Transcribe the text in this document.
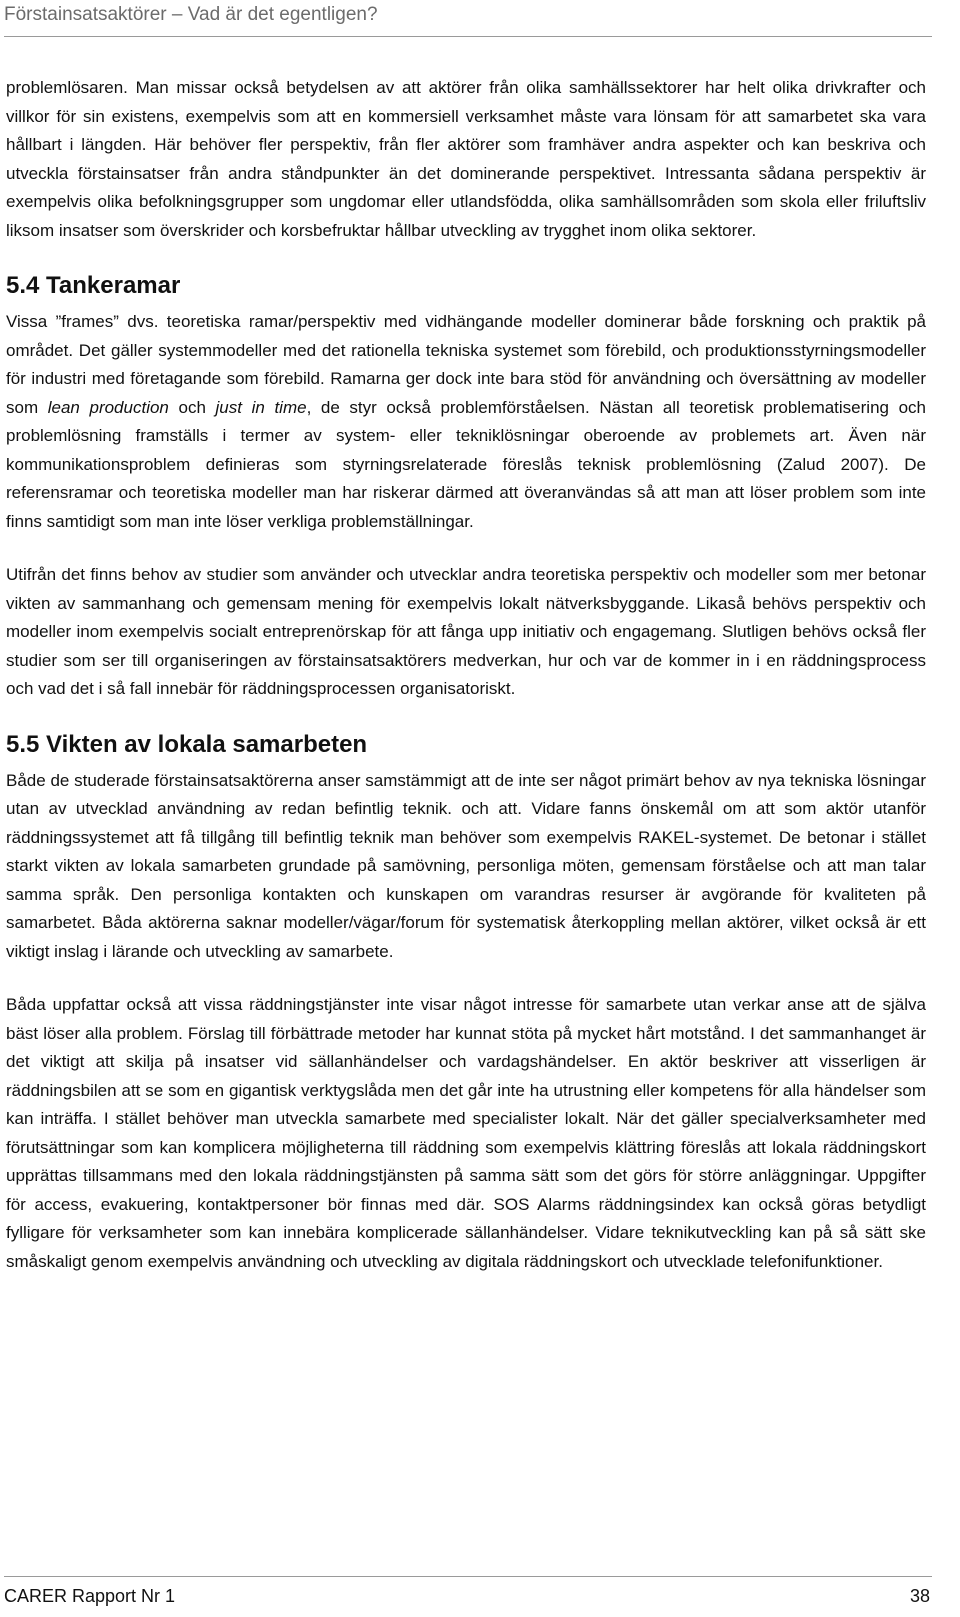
Förstainsatsaktörer – Vad är det egentligen?

problemlösaren. Man missar också betydelsen av att aktörer från olika samhällssektorer har helt olika drivkrafter och villkor för sin existens, exempelvis som att en kommersiell verksamhet måste vara lönsam för att samarbetet ska vara hållbart i längden. Här behöver fler perspektiv, från fler aktörer som framhäver andra aspekter och kan beskriva och utveckla förstainsatser från andra ståndpunkter än det dominerande perspektivet. Intressanta sådana perspektiv är exempelvis olika befolkningsgrupper som ungdomar eller utlandsfödda, olika samhällsområden som skola eller friluftsliv liksom insatser som överskrider och korsbefruktar hållbar utveckling av trygghet inom olika sektorer.

5.4 Tankeramar

Vissa ”frames” dvs. teoretiska ramar/perspektiv med vidhängande modeller dominerar både forskning och praktik på området. Det gäller systemmodeller med det rationella tekniska systemet som förebild, och produktionsstyrningsmodeller för industri med företagande som förebild. Ramarna ger dock inte bara stöd för användning och översättning av modeller som lean production och just in time, de styr också problemförståelsen. Nästan all teoretisk problematisering och problemlösning framställs i termer av system- eller tekniklösningar oberoende av problemets art. Även när kommunikationsproblem definieras som styrningsrelaterade föreslås teknisk problemlösning (Zalud 2007). De referensramar och teoretiska modeller man har riskerar därmed att överanvändas så att man att löser problem som inte finns samtidigt som man inte löser verkliga problemställningar.

Utifrån det finns behov av studier som använder och utvecklar andra teoretiska perspektiv och modeller som mer betonar vikten av sammanhang och gemensam mening för exempelvis lokalt nätverksbyggande. Likaså behövs perspektiv och modeller inom exempelvis socialt entreprenörskap för att fånga upp initiativ och engagemang. Slutligen behövs också fler studier som ser till organiseringen av förstainsatsaktörers medverkan, hur och var de kommer in i en räddningsprocess och vad det i så fall innebär för räddningsprocessen organisatoriskt.

5.5 Vikten av lokala samarbeten

Både de studerade förstainsatsaktörerna anser samstämmigt att de inte ser något primärt behov av nya tekniska lösningar utan av utvecklad användning av redan befintlig teknik. och att. Vidare fanns önskemål om att som aktör utanför räddningssystemet att få tillgång till befintlig teknik man behöver som exempelvis RAKEL-systemet. De betonar i stället starkt vikten av lokala samarbeten grundade på samövning, personliga möten, gemensam förståelse och att man talar samma språk. Den personliga kontakten och kunskapen om varandras resurser är avgörande för kvaliteten på samarbetet. Båda aktörerna saknar modeller/vägar/forum för systematisk återkoppling mellan aktörer, vilket också är ett viktigt inslag i lärande och utveckling av samarbete.

Båda uppfattar också att vissa räddningstjänster inte visar något intresse för samarbete utan verkar anse att de själva bäst löser alla problem. Förslag till förbättrade metoder har kunnat stöta på mycket hårt motstånd. I det sammanhanget är det viktigt att skilja på insatser vid sällanhändelser och vardagshändelser. En aktör beskriver att visserligen är räddningsbilen att se som en gigantisk verktygslåda men det går inte ha utrustning eller kompetens för alla händelser som kan inträffa. I stället behöver man utveckla samarbete med specialister lokalt. När det gäller specialverksamheter med förutsättningar som kan komplicera möjligheterna till räddning som exempelvis klättring föreslås att lokala räddningskort upprättas tillsammans med den lokala räddningstjänsten på samma sätt som det görs för större anläggningar. Uppgifter för access, evakuering, kontaktpersoner bör finnas med där. SOS Alarms räddningsindex kan också göras betydligt fylligare för verksamheter som kan innebära komplicerade sällanhändelser. Vidare teknikutveckling kan på så sätt ske småskaligt genom exempelvis användning och utveckling av digitala räddningskort och utvecklade telefonifunktioner.

CARER Rapport Nr 1	38
